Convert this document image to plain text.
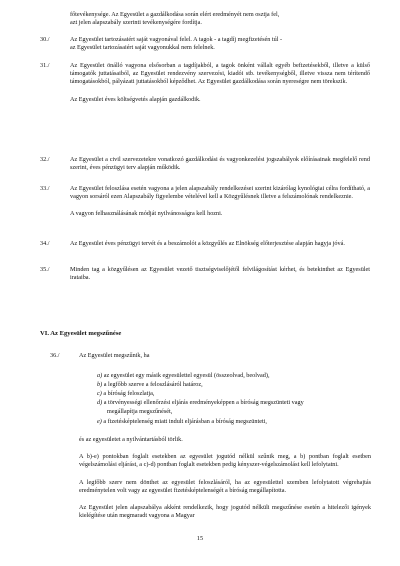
főtevékenysége. Az Egyesület a gazdálkodása során elért eredményét nem osztja fel,

azt jelen alapszabály szerinti tevékenységére fordítja.

30./	Az Egyesület tartozásaiért saját vagyonával felel. A tagok - a tagdíj megfizetésén túl -

az Egyesület tartozásaiért saját vagyonukkal nem felelnek.

31./	Az Egyesület önálló vagyona elsősorban a tagdíjakból, a tagok önként vállalt egyéb befizetésekből, illetve a külső támogatók juttatásaiból, az Egyesület rendezvény szervezési, kiadói stb. tevékenységből, illetve vissza nem térítendő támogatásokból, pályázati juttatásokból képződhet. Az Egyesület gazdálkodása során nyereségre nem törekszik.

Az Egyesület éves költségvetés alapján gazdálkodik.

32./	Az Egyesület a civil szervezetekre vonatkozó gazdálkodási és vagyonkezelési jogszabályok előírásainak megfelelő rend szerint, éves pénzügyi terv alapján működik.

33./	Az Egyesület feloszlása esetén vagyona a jelen alapszabály rendelkezései szerint kizárólag kynológiai célra fordítható, a vagyon sorsáról ezen Alapszabály figyelembe vételével kell a Közgyűlésnek illetve a felszámolónak rendelkeznie.

A vagyon felhasználásának módját nyilvánosságra kell hozni.

34./	Az Egyesület éves pénzügyi tervét és a beszámolót a közgyűlés az Elnökség előterjesztése alapján hagyja jóvá.

35./	Minden tag a közgyűlésen az Egyesület vezető tisztségviselőjétől felvilágosítást kérhet, és betekinthet az Egyesület irataiba.

VI. Az Egyesület megszűnése
36./	Az Egyesület megszűnik, ha

a) az egyesület egy másik egyesülettel egyesül (összeolvad, beolvad),
b) a legfőbb szerve a feloszlásáról határoz,
c) a bíróság feloszlatja,
d) a törvényességi ellenőrzési eljárás eredményeképpen a bíróság megszünteti vagy
megállapítja megszűnését,
e) a fizetésképtelenség miatt indult eljárásban a bíróság megszünteti,

és az egyesületet a nyilvántartásból törlik.

A b)-e) pontokban foglalt esetekben az egyesület jogutód nélkül szűnik meg, a b) pontban foglalt esetben végelszámolási eljárást, a c)-d) pontban foglalt esetekben pedig kényszer-végelszámolást kell lefolytatni.

A legfőbb szerv nem dönthet az egyesület feloszlásáról, ha az egyesülettel szemben lefolytatott végrehajtás eredménytelen volt vagy az egyesület fizetésképtelenségét a bíróság megállapította.

Az Egyesület jelen alapszabálya akként rendelkezik, hogy jogutód nélküli megszűnése esetén a hitelezői igények kielégítése után megmaradt vagyona a Magyar

15
